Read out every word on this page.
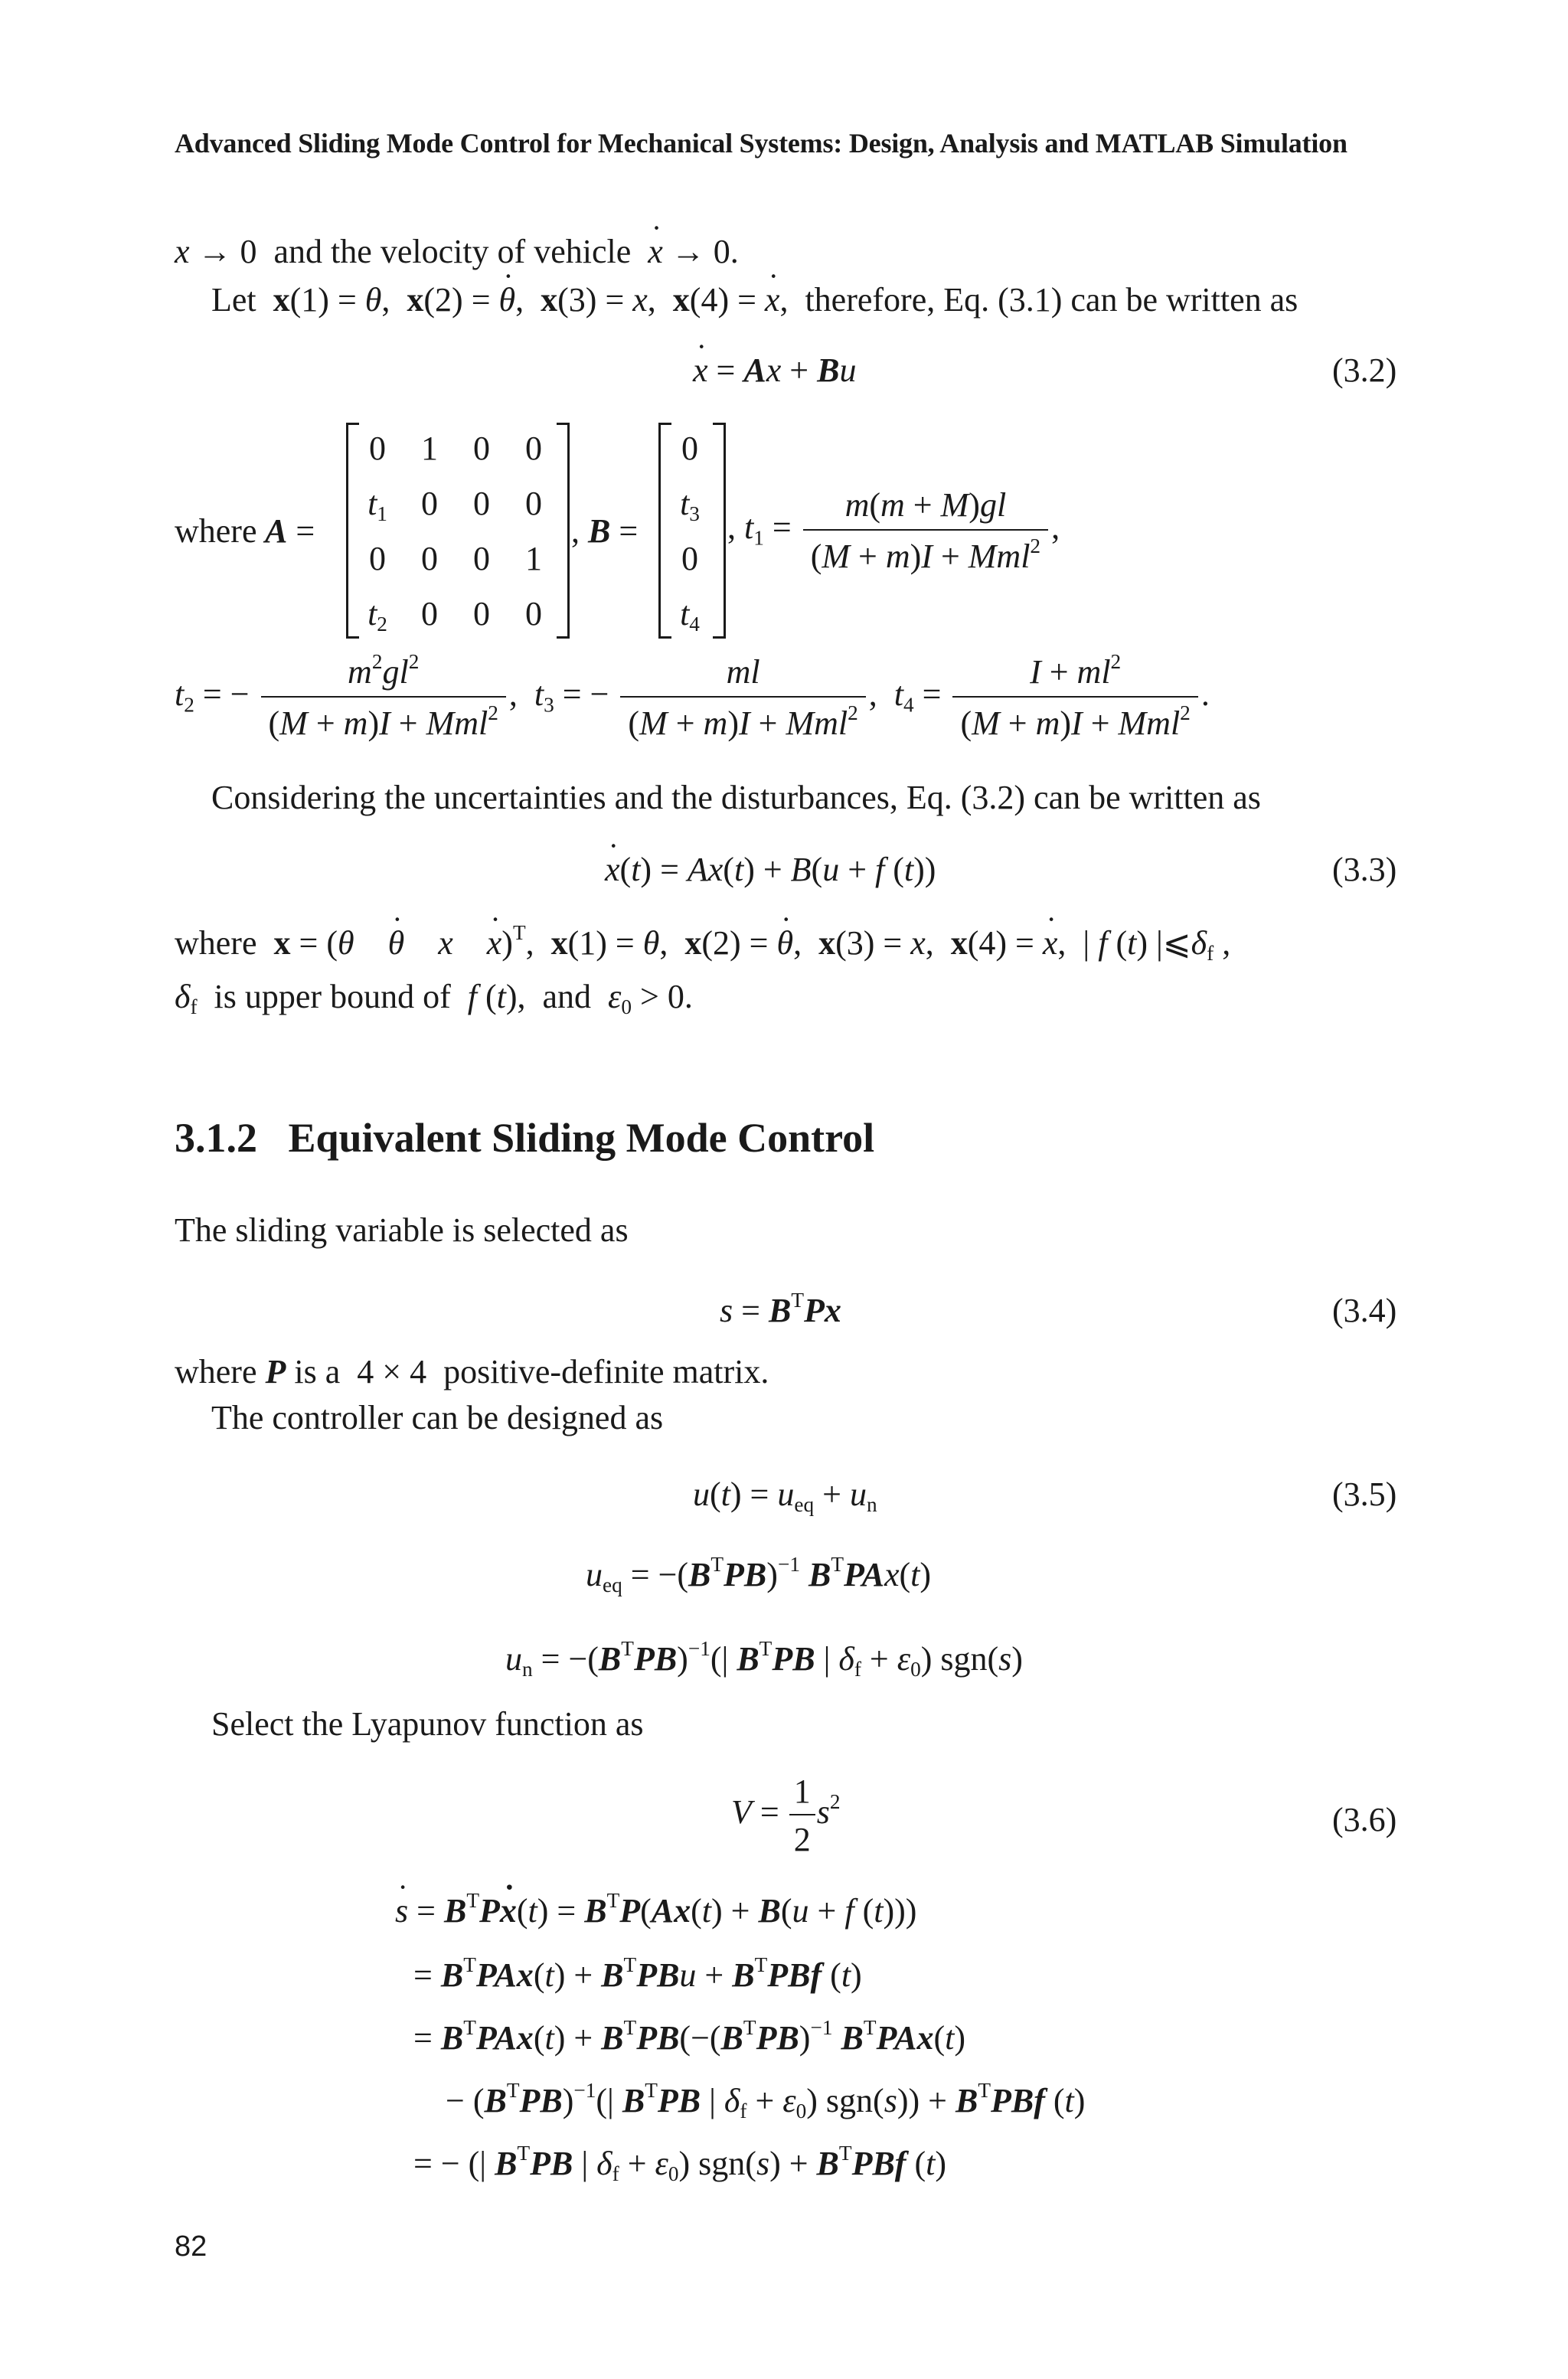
Advanced Sliding Mode Control for Mechanical Systems: Design, Analysis and MATLAB Simulation
x → 0  and the velocity of vehicle x ˙ → 0.
Let x(1) = θ,  x(2) = θ ˙,  x(3) = x,  x(4) = x ˙,  therefore, Eq. (3.1) can be written as
x ˙ = Ax + Bu	(3.2)
where A =
0	1	0	0
$t_1$	0	0	0
0	0	0	1
$t_2$	0	0	0
, B =
0
$t_3$
0
$t_4$
, $t_1 = \frac{m(m + M)gl}{(M + m)I + Mml^2}$ ,
$t_2$ = − $\frac{m^2gl^2}{(M + m)I + Mml^2}$ ,  $t_3$ = − $\frac{ml}{(M + m)I + Mml^2}$ ,  $t_4 = \frac{I + ml^2}{(M + m)I + Mml^2}$ .
Considering the uncertainties and the disturbances, Eq. (3.2) can be written as
x ˙(t) = Ax(t) + B(u + f (t))	(3.3)
where x = (θ θ ˙ x x ˙)$^T$,  x(1) = θ,  x(2) = θ ˙,  x(3) = x,  x(4) = x ˙,  | f (t) $|⩽\delta_f$ ,
$\delta_f$ is upper bound of f (t),  and $\varepsilon_0 > 0$.
3.1.2 Equivalent Sliding Mode Control
The sliding variable is selected as
$s = B^TPx$	(3.4)
where P is a  4 × 4  positive-definite matrix.
The controller can be designed as
$u(t) = u_{eq} + u_n$	(3.5)
$u_{eq} = -(B^TPB)^{-1}$ $B^TPAx(t)$
$u_n = -(B^TPB)^{-1}(|$ $B^TPB$ | $\delta_f + \varepsilon_0$) sgn(s)
Select the Lyapunov function as
$V = \frac{1}{2} s^2$	(3.6)
s ˙ = $B^TPx$ ˙(t) = $B^TP(Ax(t) + B(u + f$ (t)))
= $B^TPAx(t) + B^TPBu + B^TPBf$ (t)
= $B^TPAx(t) + B^TPB(-(B^TPB)^{-1}$ $B^TPAx(t)$
− $(B^TPB)^{-1}(|$ $B^TPB$ | $\delta_f + \varepsilon_0$) $sgn(s)) + B^TPBf$ (t)
= − (| $B^TPB$ | $\delta_f + \varepsilon_0$) $sgn(s) + B^TPBf$ (t)
82
